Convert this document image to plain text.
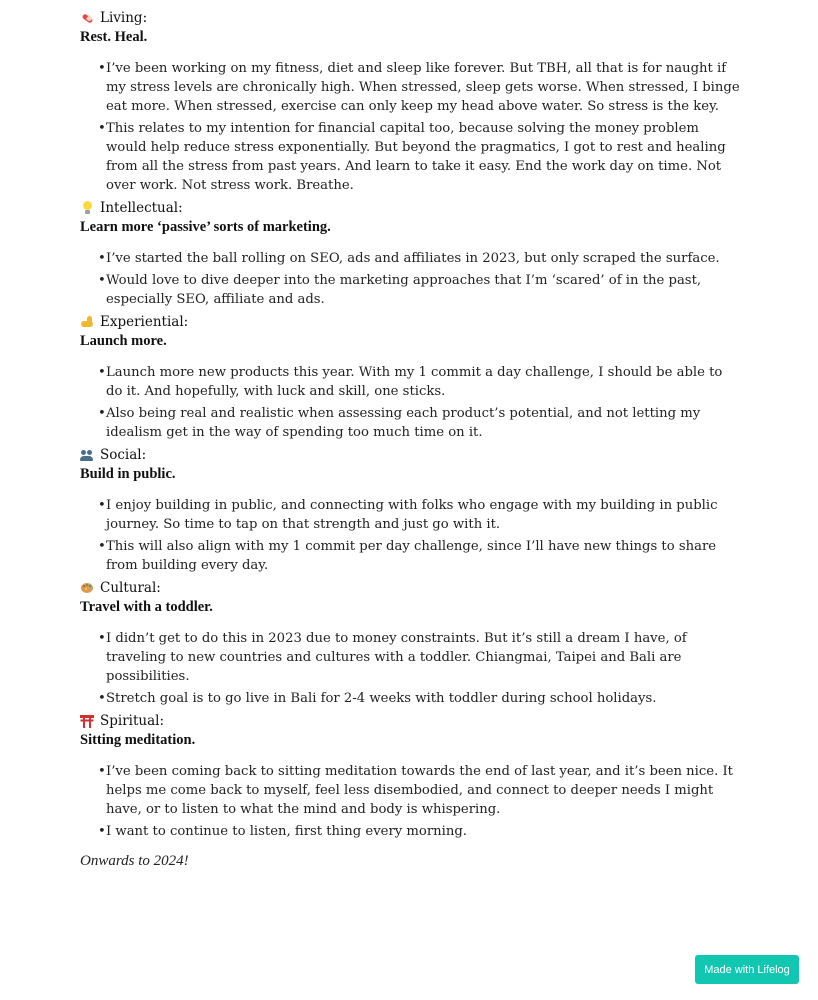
Living:
Rest. Heal.
• I’ve been working on my fitness, diet and sleep like forever. But TBH, all that is for naught if my stress levels are chronically high. When stressed, sleep gets worse. When stressed, I binge eat more. When stressed, exercise can only keep my head above water. So stress is the key.
• This relates to my intention for financial capital too, because solving the money problem would help reduce stress exponentially. But beyond the pragmatics, I got to rest and healing from all the stress from past years. And learn to take it easy. End the work day on time. Not over work. Not stress work. Breathe.
Intellectual:
Learn more ‘passive’ sorts of marketing.
• I’ve started the ball rolling on SEO, ads and affiliates in 2023, but only scraped the surface.
• Would love to dive deeper into the marketing approaches that I’m ‘scared’ of in the past, especially SEO, affiliate and ads.
Experiential:
Launch more.
• Launch more new products this year. With my 1 commit a day challenge, I should be able to do it. And hopefully, with luck and skill, one sticks.
• Also being real and realistic when assessing each product’s potential, and not letting my idealism get in the way of spending too much time on it.
Social:
Build in public.
• I enjoy building in public, and connecting with folks who engage with my building in public journey. So time to tap on that strength and just go with it.
• This will also align with my 1 commit per day challenge, since I’ll have new things to share from building every day.
Cultural:
Travel with a toddler.
• I didn’t get to do this in 2023 due to money constraints. But it’s still a dream I have, of traveling to new countries and cultures with a toddler. Chiangmai, Taipei and Bali are possibilities.
• Stretch goal is to go live in Bali for 2-4 weeks with toddler during school holidays.
Spiritual:
Sitting meditation.
• I’ve been coming back to sitting meditation towards the end of last year, and it’s been nice. It helps me come back to myself, feel less disembodied, and connect to deeper needs I might have, or to listen to what the mind and body is whispering.
• I want to continue to listen, first thing every morning.
Onwards to 2024!
Made with Lifelog
